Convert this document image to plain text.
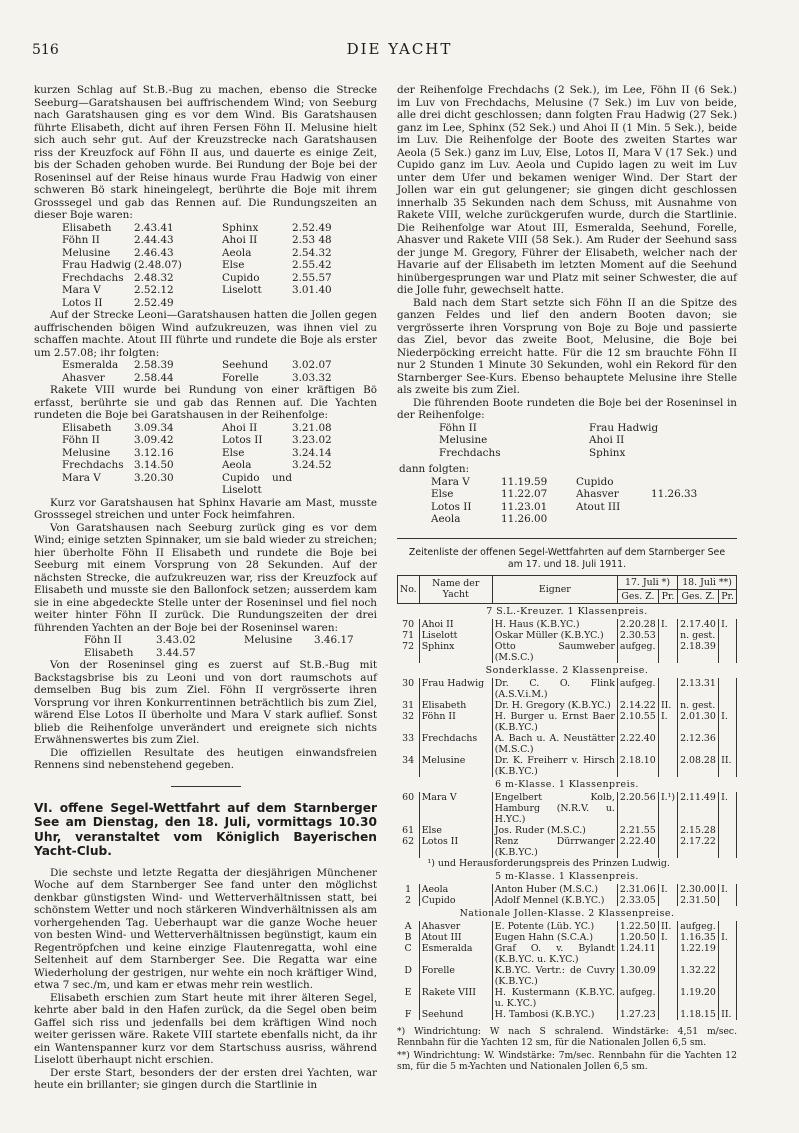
516	DIE YACHT

kurzen Schlag auf St.B.-Bug zu machen, ebenso die Strecke Seeburg—Garatshausen bei auffrischendem Wind; von Seeburg nach Garatshausen ging es vor dem Wind. Bis Garatshausen führte Elisabeth, dicht auf ihren Fersen Föhn II. Melusine hielt sich auch sehr gut. Auf der Kreuzstrecke nach Garatshausen riss der Kreuzfock auf Föhn II aus, und dauerte es einige Zeit, bis der Schaden gehoben wurde. Bei Rundung der Boje bei der Roseninsel auf der Reise hinaus wurde Frau Hadwig von einer schweren Bö stark hineingelegt, berührte die Boje mit ihrem Grosssegel und gab das Rennen auf. Die Rundungszeiten an dieser Boje waren:

Elisabeth	2.43.41	Sphinx	2.52.49
Föhn II	2.44.43	Ahoi II	2.53 48
Melusine	2.46.43	Aeola	2.54.32
Frau Hadwig (2.48.07)	Else	2.55.42
Frechdachs	2.48.32	Cupido	2.55.57
Mara V	2.52.12	Liselott	3.01.40
Lotos II	2.52.49

Auf der Strecke Leoni—Garatshausen hatten die Jollen gegen auffrischenden böigen Wind aufzukreuzen, was ihnen viel zu schaffen machte. Atout III führte und rundete die Boje als erster um 2.57.08; ihr folgten:

Esmeralda	2.58.39	Seehund	3.02.07
Ahasver	2.58.44	Forelle	3.03.32

Rakete VIII wurde bei Rundung von einer kräftigen Bö erfasst, berührte sie und gab das Rennen auf. Die Yachten rundeten die Boje bei Garatshausen in der Reihenfolge:

Elisabeth	3.09.34	Ahoi II	3.21.08
Föhn II	3.09.42	Lotos II	3.23.02
Melusine	3.12.16	Else	3.24.14
Frechdachs	3.14.50	Aeola	3.24.52
Mara V	3.20.30	Cupido und Liselott

Kurz vor Garatshausen hat Sphinx Havarie am Mast, musste Grosssegel streichen und unter Fock heimfahren.

Von Garatshausen nach Seeburg zurück ging es vor dem Wind; einige setzten Spinnaker, um sie bald wieder zu streichen; hier überholte Föhn II Elisabeth und rundete die Boje bei Seeburg mit einem Vorsprung von 28 Sekunden. Auf der nächsten Strecke, die aufzukreuzen war, riss der Kreuzfock auf Elisabeth und musste sie den Ballonfock setzen; ausserdem kam sie in eine abgedeckte Stelle unter der Roseninsel und fiel noch weiter hinter Föhn II zurück. Die Rundungszeiten der drei führenden Yachten an der Boje bei der Roseninsel waren:

Föhn II	3.43.02	Melusine	3.46.17
Elisabeth	3.44.57

Von der Roseninsel ging es zuerst auf St.B.-Bug mit Backstagsbrise bis zu Leoni und von dort raumschots auf demselben Bug bis zum Ziel. Föhn II vergrösserte ihren Vorsprung vor ihren Konkurrentinnen beträchtlich bis zum Ziel, wärend Else Lotos II überholte und Mara V stark auflief. Sonst blieb die Reihenfolge unverändert und ereignete sich nichts Erwähnenswertes bis zum Ziel.

Die offiziellen Resultate des heutigen einwandsfreien Rennens sind nebenstehend gegeben.

VI. offene Segel-Wettfahrt auf dem Starnberger See am Dienstag, den 18. Juli, vormittags 10.30 Uhr, veranstaltet vom Königlich Bayerischen Yacht-Club.

Die sechste und letzte Regatta der diesjährigen Münchener Woche auf dem Starnberger See fand unter den möglichst denkbar günstigsten Wind- und Wetterverhältnissen statt, bei schönstem Wetter und noch stärkeren Windverhältnissen als am vorhergehenden Tag. Ueberhaupt war die ganze Woche heuer von besten Wind- und Wetterverhältnissen begünstigt, kaum ein Regentröpfchen und keine einzige Flautenregatta, wohl eine Seltenheit auf dem Starnberger See. Die Regatta war eine Wiederholung der gestrigen, nur wehte ein noch kräftiger Wind, etwa 7 sec./m, und kam er etwas mehr rein westlich.

Elisabeth erschien zum Start heute mit ihrer älteren Segel, kehrte aber bald in den Hafen zurück, da die Segel oben beim Gaffel sich riss und jedenfalls bei dem kräftigen Wind noch weiter gerissen wäre. Rakete VIII startete ebenfalls nicht, da ihr ein Wantenspanner kurz vor dem Startschuss ausriss, während Liselott überhaupt nicht erschien.

Der erste Start, besonders der der ersten drei Yachten, war heute ein brillanter; sie gingen durch die Startlinie in

der Reihenfolge Frechdachs (2 Sek.), im Lee, Föhn II (6 Sek.) im Luv von Frechdachs, Melusine (7 Sek.) im Luv von beide, alle drei dicht geschlossen; dann folgten Frau Hadwig (27 Sek.) ganz im Lee, Sphinx (52 Sek.) und Ahoi II (1 Min. 5 Sek.), beide im Luv. Die Reihenfolge der Boote des zweiten Startes war Aeola (5 Sek.) ganz im Luv, Else, Lotos II, Mara V (17 Sek.) und Cupido ganz im Luv. Aeola und Cupido lagen zu weit im Luv unter dem Ufer und bekamen weniger Wind. Der Start der Jollen war ein gut gelungener; sie gingen dicht geschlossen innerhalb 35 Sekunden nach dem Schuss, mit Ausnahme von Rakete VIII, welche zurückgerufen wurde, durch die Startlinie. Die Reihenfolge war Atout III, Esmeralda, Seehund, Forelle, Ahasver und Rakete VIII (58 Sek.). Am Ruder der Seehund sass der junge M. Gregory, Führer der Elisabeth, welcher nach der Havarie auf der Elisabeth im letzten Moment auf die Seehund hinübergesprungen war und Platz mit seiner Schwester, die auf die Jolle fuhr, gewechselt hatte.

Bald nach dem Start setzte sich Föhn II an die Spitze des ganzen Feldes und lief den andern Booten davon; sie vergrösserte ihren Vorsprung von Boje zu Boje und passierte das Ziel, bevor das zweite Boot, Melusine, die Boje bei Niederpöcking erreicht hatte. Für die 12 sm brauchte Föhn II nur 2 Stunden 1 Minute 30 Sekunden, wohl ein Rekord für den Starnberger See-Kurs. Ebenso behauptete Melusine ihre Stelle als zweite bis zum Ziel.

Die führenden Boote rundeten die Boje bei der Roseninsel in der Reihenfolge:

Föhn II	Frau Hadwig
Melusine	Ahoi II
Frechdachs	Sphinx
dann folgten:
Mara V	11.19.59	Cupido
Else	11.22.07	Ahasver	11.26.33
Lotos II	11.23.01	Atout III
Aeola	11.26.00
Zeitenliste der offenen Segel-Wettfahrten auf dem Starnberger See
am 17. und 18. Juli 1911.
No.	Name der Yacht	Eigner	17. Juli *)		18. Juli **)	
			Ges. Z.	Pr.	Ges. Z.	Pr.
7 S.L.-Kreuzer. 1 Klassenpreis.						
70	Ahoi II	H. Haus (K.B.YC.)	2.20.28	I.	2.17.40	I.
71	Liselott	Oskar Müller (K.B.YC.)	2.30.53		n. gest.	
72	Sphinx	Otto Saumweber (M.S.C.)	aufgeg.		2.18.39	
Sonderklasse. 2 Klassenpreise.						
30	Frau Hadwig	Dr. C. O. Flink (A.S.V.i.M.)	aufgeg.		2.13.31	
31	Elisabeth	Dr. H. Gregory (K.B.YC.)	2.14.22	II.	n. gest.	
32	Föhn II	H. Burger u. Ernst Baer (K.B.YC.)	2.10.55	I.	2.01.30	I.
33	Frechdachs	A. Bach u. A. Neustätter (M.S.C.)	2.22.40		2.12.36	
34	Melusine	Dr. K. Freiherr v. Hirsch (K.B.YC.)	2.18.10		2.08.28	II.
6 m-Klasse. 1 Klassenpreis.						
60	Mara V	Engelbert Kolb, Hamburg (N.R.V. u. H.YC.)	2.20.56	I.¹)	2.11.49	I.
61	Else	Jos. Ruder (M.S.C.)	2.21.55		2.15.28	
62	Lotos II	Renz Dürrwanger (K.B.YC.)	2.22.40		2.17.22	
¹) und Herausforderungspreis des Prinzen Ludwig.						
5 m-Klasse. 1 Klassenpreis.						
1	Aeola	Anton Huber (M.S.C.)	2.31.06	I.	2.30.00	I.
2	Cupido	Adolf Mennel (K.B.YC.)	2.33.05		2.31.50	
Nationale Jollen-Klasse. 2 Klassenpreise.						
A	Ahasver	E. Potente (Lüb. YC.)	1.22.50	II.	aufgeg.	
B	Atout III	Eugen Hahn (S.C.A.)	1.20.50	I.	1.16.35	I.
C	Esmeralda	Graf O. v. Bylandt (K.B.YC. u. K.YC.)	1.24.11		1.22.19	
D	Forelle	K.B.YC. Vertr.: de Cuvry (K.B.YC.)	1.30.09		1.32.22	
E	Rakete VIII	H. Kustermann (K.B.YC. u. K.YC.)	aufgeg.		1.19.20	
F	Seehund	H. Tambosi (K.B.YC.)	1.27.23		1.18.15	II.
*) Windrichtung: W nach S schralend. Windstärke: 4,51 m/sec. Rennbahn für die Yachten 12 sm, für die Nationalen Jollen 6,5 sm.
**) Windrichtung: W. Windstärke: 7m/sec. Rennbahn für die Yachten 12 sm, für die 5 m-Yachten und Nationalen Jollen 6,5 sm.
